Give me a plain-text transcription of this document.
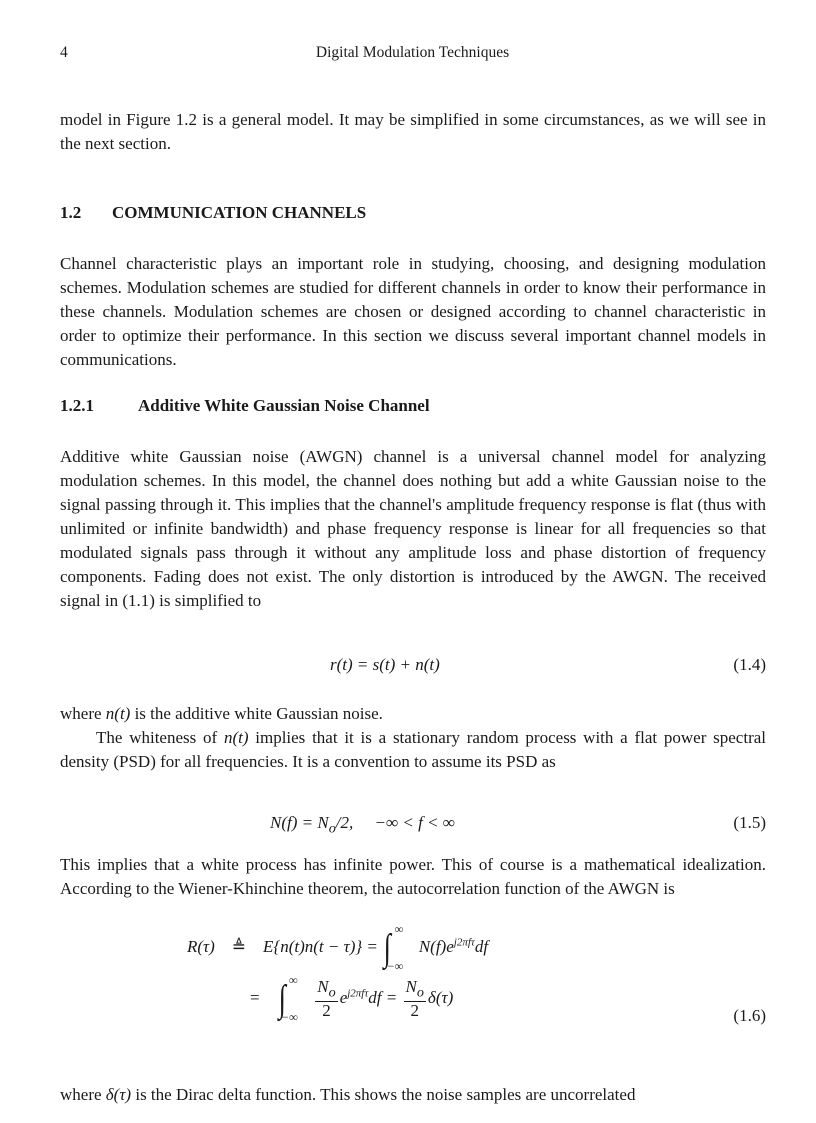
4	Digital Modulation Techniques

model in Figure 1.2 is a general model. It may be simplified in some circumstances, as we will see in the next section.

1.2 COMMUNICATION CHANNELS

Channel characteristic plays an important role in studying, choosing, and designing modulation schemes. Modulation schemes are studied for different channels in order to know their performance in these channels. Modulation schemes are chosen or designed according to channel characteristic in order to optimize their performance. In this section we discuss several important channel models in communications.

1.2.1	Additive White Gaussian Noise Channel

Additive white Gaussian noise (AWGN) channel is a universal channel model for analyzing modulation schemes. In this model, the channel does nothing but add a white Gaussian noise to the signal passing through it. This implies that the channel's amplitude frequency response is flat (thus with unlimited or infinite bandwidth) and phase frequency response is linear for all frequencies so that modulated signals pass through it without any amplitude loss and phase distortion of frequency components. Fading does not exist. The only distortion is introduced by the AWGN. The received signal in (1.1) is simplified to

r(t) = s(t) + n(t)	(1.4)

where n(t) is the additive white Gaussian noise.

The whiteness of n(t) implies that it is a stationary random process with a flat power spectral density (PSD) for all frequencies. It is a convention to assume its PSD as

$N(f) = N_o/2$, −∞ < f < ∞	(1.5)

This implies that a white process has infinite power. This of course is a mathematical idealization. According to the Wiener-Khinchine theorem, the autocorrelation function of the AWGN is

R(τ) ≜ E{n(t)n(t − τ)} = ∫ ∞
−∞
$N(f)e^{j2\pi f\tau}df$
= ∫ ∞
−∞
$\frac{N_o}{2} e^{j2\pi f\tau}df = \frac{N_o}{2} \delta(\tau)$
(1.6)

where δ(τ) is the Dirac delta function. This shows the noise samples are uncorrelated
